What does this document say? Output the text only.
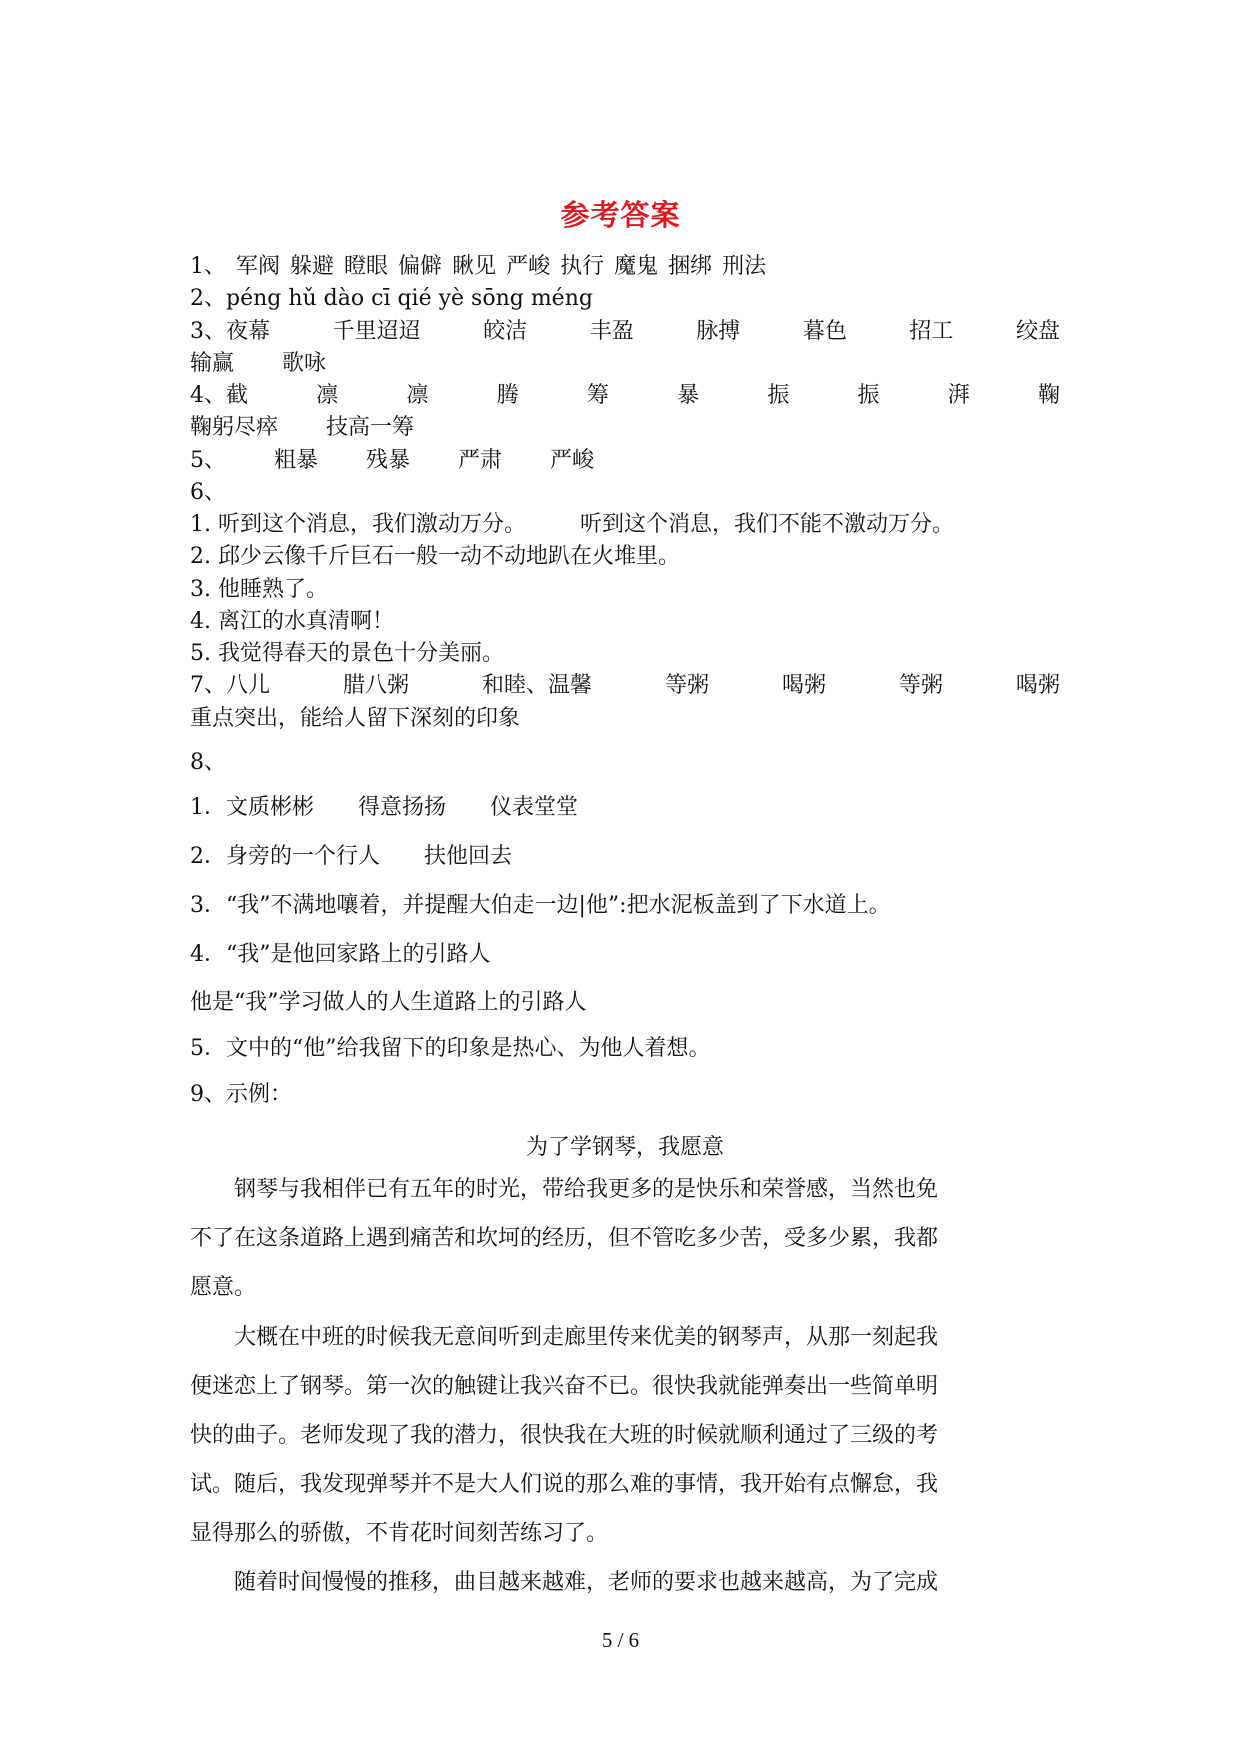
参考答案
1、 军阀 躲避 瞪眼 偏僻 瞅见 严峻 执行 魔鬼 捆绑 刑法
2、péng hǔ dào cī qié yè sōng méng
3、夜幕	千里迢迢	皎洁	丰盈	脉搏	暮色	招工	绞盘
输赢 歌咏
4、截	凛	凛	腾	筹	暴	振	振	湃	鞠
鞠躬尽瘁 技高一筹
5、 粗暴 残暴 严肃 严峻
6、
1. 听到这个消息，我们激动万分。 听到这个消息，我们不能不激动万分。
2. 邱少云像千斤巨石一般一动不动地趴在火堆里。
3. 他睡熟了。
4. 离江的水真清啊！
5. 我觉得春天的景色十分美丽。
7、八儿	腊八粥	和睦、温馨	等粥	喝粥	等粥	喝粥
重点突出，能给人留下深刻的印象
8、
1．文质彬彬　　得意扬扬　　仪表堂堂
2．身旁的一个行人　　扶他回去
3．“我”不满地嚷着，并提醒大伯走一边|他”:把水泥板盖到了下水道上。
4．“我”是他回家路上的引路人
他是“我”学习做人的人生道路上的引路人
5．文中的“他”给我留下的印象是热心、为他人着想。
9、示例：
为了学钢琴，我愿意
钢琴与我相伴已有五年的时光，带给我更多的是快乐和荣誉感，当然也免
不了在这条道路上遇到痛苦和坎坷的经历，但不管吃多少苦，受多少累，我都
愿意。
大概在中班的时候我无意间听到走廊里传来优美的钢琴声，从那一刻起我
便迷恋上了钢琴。第一次的触键让我兴奋不已。很快我就能弹奏出一些简单明
快的曲子。老师发现了我的潜力，很快我在大班的时候就顺利通过了三级的考
试。随后，我发现弹琴并不是大人们说的那么难的事情，我开始有点懈怠，我
显得那么的骄傲，不肯花时间刻苦练习了。
随着时间慢慢的推移，曲目越来越难，老师的要求也越来越高，为了完成
5 / 6
